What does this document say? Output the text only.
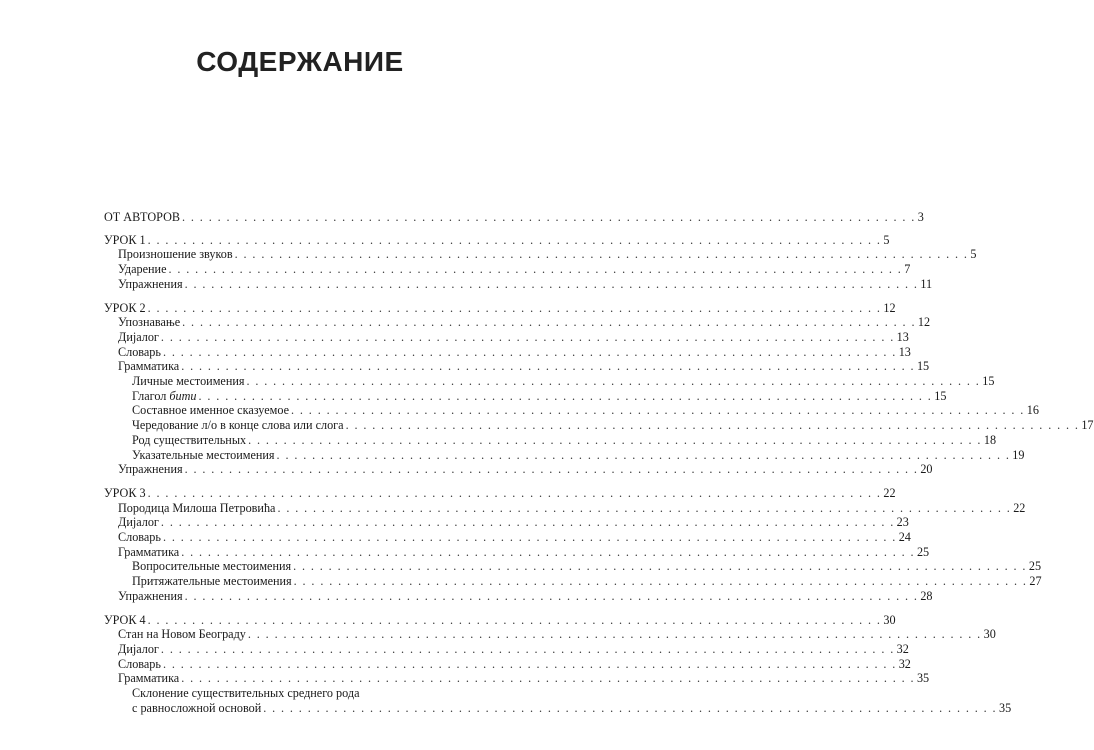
СОДЕРЖАНИЕ
ОТ АВТОРОВ . . . . . . . . . . . . . . . . . . . . . . . . . . . . . . . . . . . . . . . . . . . . . . . . . . . . . . . . . . . . . . . . . . . . . . . . . . . . . . . . . . . 3
УРОК 1 . . . . . . . . . . . . . . . . . . . . . . . . . . . . . . . . . . . . . . . . . . . . . . . . . . . . . . . . . . . . . . . . . . . . . . . . . . . . . . . . . . . 5
Произношение звуков . . . . . . . . . . . . . . . . . . . . . . . . . . . . . . . . . . . . . . . . . . . . . . . . . . . . . . . . . . . . . . . . . . . . . . . . . . . . . . . . . . . 5
Ударение . . . . . . . . . . . . . . . . . . . . . . . . . . . . . . . . . . . . . . . . . . . . . . . . . . . . . . . . . . . . . . . . . . . . . . . . . . . . . . . . . . . 7
Упражнения . . . . . . . . . . . . . . . . . . . . . . . . . . . . . . . . . . . . . . . . . . . . . . . . . . . . . . . . . . . . . . . . . . . . . . . . . . . . . . . . . . . 11
УРОК 2 . . . . . . . . . . . . . . . . . . . . . . . . . . . . . . . . . . . . . . . . . . . . . . . . . . . . . . . . . . . . . . . . . . . . . . . . . . . . . . . . . . . 12
Упознавање . . . . . . . . . . . . . . . . . . . . . . . . . . . . . . . . . . . . . . . . . . . . . . . . . . . . . . . . . . . . . . . . . . . . . . . . . . . . . . . . . . . 12
Дијалог . . . . . . . . . . . . . . . . . . . . . . . . . . . . . . . . . . . . . . . . . . . . . . . . . . . . . . . . . . . . . . . . . . . . . . . . . . . . . . . . . . . 13
Словарь . . . . . . . . . . . . . . . . . . . . . . . . . . . . . . . . . . . . . . . . . . . . . . . . . . . . . . . . . . . . . . . . . . . . . . . . . . . . . . . . . . . 13
Грамматика . . . . . . . . . . . . . . . . . . . . . . . . . . . . . . . . . . . . . . . . . . . . . . . . . . . . . . . . . . . . . . . . . . . . . . . . . . . . . . . . . . . 15
Личные местоимения . . . . . . . . . . . . . . . . . . . . . . . . . . . . . . . . . . . . . . . . . . . . . . . . . . . . . . . . . . . . . . . . . . . . . . . . . . . . . . . . . . . 15
Глагол бити . . . . . . . . . . . . . . . . . . . . . . . . . . . . . . . . . . . . . . . . . . . . . . . . . . . . . . . . . . . . . . . . . . . . . . . . . . . . . . . . . . . 15
Составное именное сказуемое . . . . . . . . . . . . . . . . . . . . . . . . . . . . . . . . . . . . . . . . . . . . . . . . . . . . . . . . . . . . . . . . . . . . . . . . . . . . . . . . . . . 16
Чередование л/о в конце слова или слога . . . . . . . . . . . . . . . . . . . . . . . . . . . . . . . . . . . . . . . . . . . . . . . . . . . . . . . . . . . . . . . . . . . . . . . . . . . . . . . . . . . 17
Род существительных . . . . . . . . . . . . . . . . . . . . . . . . . . . . . . . . . . . . . . . . . . . . . . . . . . . . . . . . . . . . . . . . . . . . . . . . . . . . . . . . . . . 18
Указательные местоимения . . . . . . . . . . . . . . . . . . . . . . . . . . . . . . . . . . . . . . . . . . . . . . . . . . . . . . . . . . . . . . . . . . . . . . . . . . . . . . . . . . . 19
Упражнения . . . . . . . . . . . . . . . . . . . . . . . . . . . . . . . . . . . . . . . . . . . . . . . . . . . . . . . . . . . . . . . . . . . . . . . . . . . . . . . . . . . 20
УРОК 3 . . . . . . . . . . . . . . . . . . . . . . . . . . . . . . . . . . . . . . . . . . . . . . . . . . . . . . . . . . . . . . . . . . . . . . . . . . . . . . . . . . . 22
Породица Милоша Петровића . . . . . . . . . . . . . . . . . . . . . . . . . . . . . . . . . . . . . . . . . . . . . . . . . . . . . . . . . . . . . . . . . . . . . . . . . . . . . . . . . . . 22
Дијалог . . . . . . . . . . . . . . . . . . . . . . . . . . . . . . . . . . . . . . . . . . . . . . . . . . . . . . . . . . . . . . . . . . . . . . . . . . . . . . . . . . . 23
Словарь . . . . . . . . . . . . . . . . . . . . . . . . . . . . . . . . . . . . . . . . . . . . . . . . . . . . . . . . . . . . . . . . . . . . . . . . . . . . . . . . . . . 24
Грамматика . . . . . . . . . . . . . . . . . . . . . . . . . . . . . . . . . . . . . . . . . . . . . . . . . . . . . . . . . . . . . . . . . . . . . . . . . . . . . . . . . . . 25
Вопросительные местоимения . . . . . . . . . . . . . . . . . . . . . . . . . . . . . . . . . . . . . . . . . . . . . . . . . . . . . . . . . . . . . . . . . . . . . . . . . . . . . . . . . . . 25
Притяжательные местоимения . . . . . . . . . . . . . . . . . . . . . . . . . . . . . . . . . . . . . . . . . . . . . . . . . . . . . . . . . . . . . . . . . . . . . . . . . . . . . . . . . . . 27
Упражнения . . . . . . . . . . . . . . . . . . . . . . . . . . . . . . . . . . . . . . . . . . . . . . . . . . . . . . . . . . . . . . . . . . . . . . . . . . . . . . . . . . . 28
УРОК 4 . . . . . . . . . . . . . . . . . . . . . . . . . . . . . . . . . . . . . . . . . . . . . . . . . . . . . . . . . . . . . . . . . . . . . . . . . . . . . . . . . . . 30
Стан на Новом Београду . . . . . . . . . . . . . . . . . . . . . . . . . . . . . . . . . . . . . . . . . . . . . . . . . . . . . . . . . . . . . . . . . . . . . . . . . . . . . . . . . . . 30
Дијалог . . . . . . . . . . . . . . . . . . . . . . . . . . . . . . . . . . . . . . . . . . . . . . . . . . . . . . . . . . . . . . . . . . . . . . . . . . . . . . . . . . . 32
Словарь . . . . . . . . . . . . . . . . . . . . . . . . . . . . . . . . . . . . . . . . . . . . . . . . . . . . . . . . . . . . . . . . . . . . . . . . . . . . . . . . . . . 32
Грамматика . . . . . . . . . . . . . . . . . . . . . . . . . . . . . . . . . . . . . . . . . . . . . . . . . . . . . . . . . . . . . . . . . . . . . . . . . . . . . . . . . . . 35
Склонение существительных среднего рода
с равносложной основой . . . . . . . . . . . . . . . . . . . . . . . . . . . . . . . . . . . . . . . . . . . . . . . . . . . . . . . . . . . . . . . . . . . . . . . . . . . . . . . . . . . 35
